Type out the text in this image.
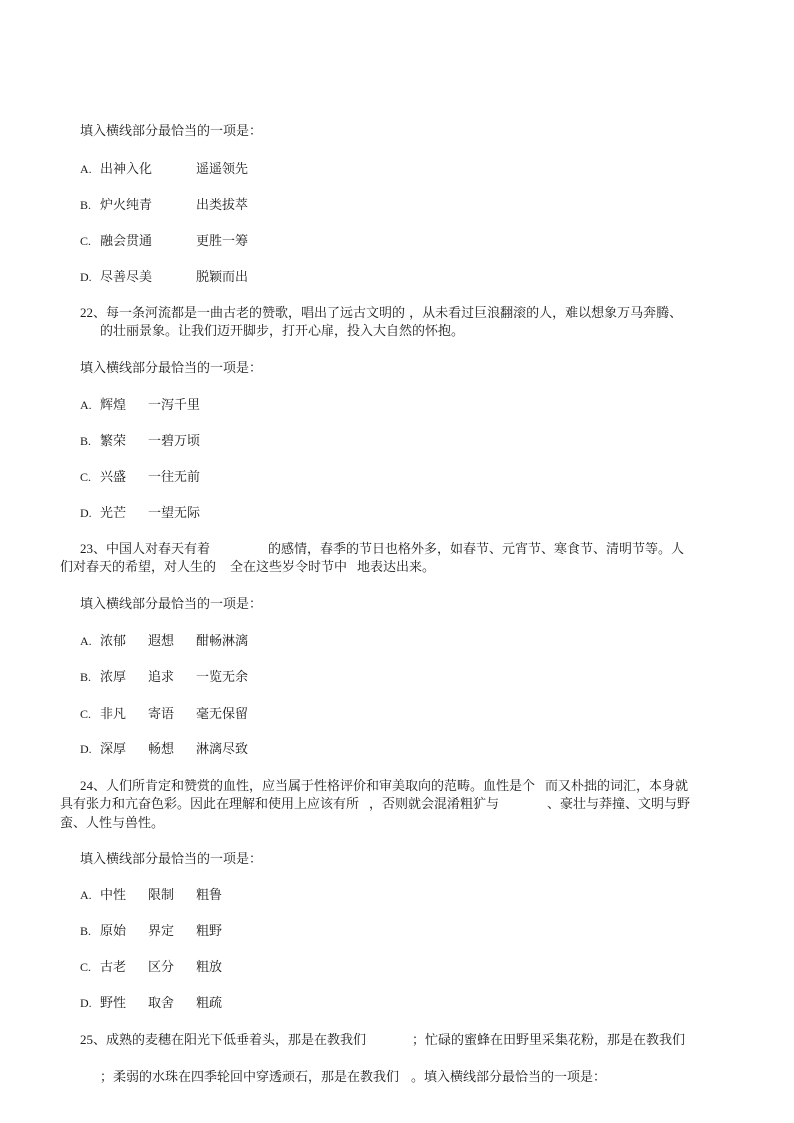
填入横线部分最恰当的一项是：
A. 出神入化	遥遥领先
B. 炉火纯青	出类拔萃
C. 融会贯通	更胜一筹
D. 尽善尽美	脱颖而出
22、每一条河流都是一曲古老的赞歌，唱出了远古文明的 ，从未看过巨浪翻滚的人，难以想象万马奔腾、
的壮丽景象。让我们迈开脚步，打开心扉，投入大自然的怀抱。
填入横线部分最恰当的一项是：
A. 辉煌 一泻千里
B. 繁荣 一碧万顷
C. 兴盛 一往无前
D. 光芒 一望无际
23、中国人对春天有着	的感情，春季的节日也格外多，如春节、元宵节、寒食节、清明节等。人
们对春天的希望，对人生的 全在这些岁令时节中 地表达出来。
填入横线部分最恰当的一项是：
A. 浓郁 遐想 酣畅淋漓
B. 浓厚 追求 一览无余
C. 非凡 寄语 毫无保留
D. 深厚 畅想 淋漓尽致
24、人们所肯定和赞赏的血性，应当属于性格评价和审美取向的范畴。血性是个 而又朴拙的词汇，本身就
具有张力和亢奋色彩。因此在理解和使用上应该有所 ，否则就会混淆粗犷与	、豪壮与莽撞、文明与野
蛮、人性与兽性。
填入横线部分最恰当的一项是：
A. 中性 限制 粗鲁
B. 原始 界定 粗野
C. 古老 区分 粗放
D. 野性 取舍 粗疏
25、成熟的麦穗在阳光下低垂着头，那是在教我们	；忙碌的蜜蜂在田野里采集花粉，那是在教我们
；柔弱的水珠在四季轮回中穿透顽石，那是在教我们 。填入横线部分最恰当的一项是：
